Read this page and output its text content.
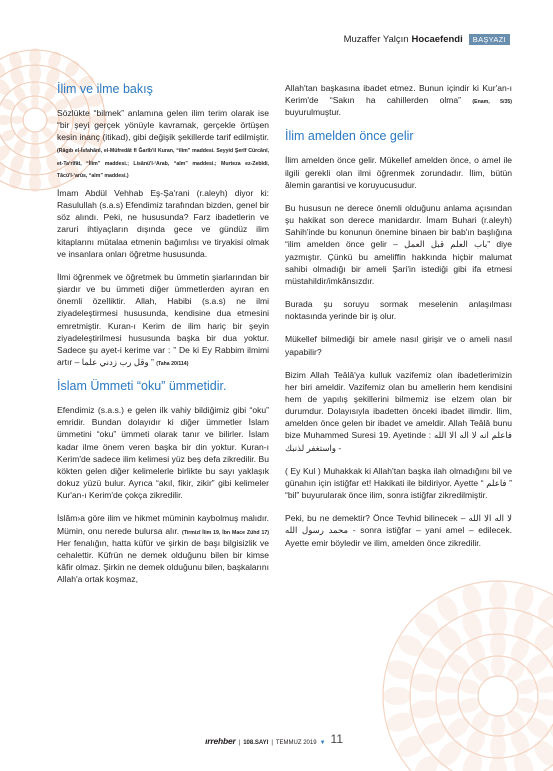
Muzaffer Yalçın Hocaefendi	BAŞYAZI
İlim ve ilme bakış

Sözlükte “bilmek” anlamına gelen ilim terim olarak ise “bir şeyi gerçek yönüyle kavramak, gerçekle örtüşen kesin inanç (itikad), gibi değişik şekillerde tarif edilmiştir. (Rāgıb el-İsfahânî, el-Müfredât fî Ğarîb'il Kuran, “ilim” maddesi. Seyyid Şerîf Cürcânî, et-Ta‘rîfât, “İlim” maddesi.; Lisânü'l-‘Arab, “alm” maddesi.; Murteza ez-Zebîdi, Tâcü'l-‘arûs, “alm” maddesi.)

İmam Abdül Vehhab Eş-Şa'rani (r.aleyh) diyor ki: Rasulullah (s.a.s) Efendimiz tarafından bizden, genel bir söz alındı. Peki, ne hususunda? Farz ibadetlerin ve zaruri ihtiyaçların dışında gece ve gündüz ilim kitaplarını mütalaa etmenin bağımlısı ve tiryakisi olmak ve insanlara onları öğretme hususunda.

İlmi öğrenmek ve öğretmek bu ümmetin şiarlarından bir şiardır ve bu ümmeti diğer ümmetlerden ayıran en önemli özelliktir. Allah, Habibi (s.a.s) ne ilmi ziyadeleştirmesi hususunda, kendisine dua etmesini emretmiştir. Kuran-ı Kerim de ilim hariç bir şeyin ziyadeleştirilmesi hususunda başka bir dua yoktur. Sadece şu ayet-i kerime var : ” De ki Ey Rabbim ilmimi artır – وقل رب زدني علما ” (Taha 20/114)

İslam Ümmeti “oku” ümmetidir.

Efendimiz (s.a.s.) e gelen ilk vahiy bildiğimiz gibi “oku” emridir. Bundan dolayıdır ki diğer ümmetler İslam ümmetini “oku” ümmeti olarak tanır ve bilirler. İslam kadar ilme önem veren başka bir din yoktur. Kuran-ı Kerim'de sadece ilim kelimesi yüz beş defa zikredilir. Bu kökten gelen diğer kelimelerle birlikte bu sayı yaklaşık dokuz yüzü bulur. Ayrıca “akıl, fikir, zikir” gibi kelimeler Kur'an-ı Kerim'de çokça zikredilir.

İslâm›a göre ilim ve hikmet müminin kaybolmuş malıdır. Mümin, onu nerede bulursa alır. (Tirmizî İlim 19, İbn Mace Zühd 17) Her fenalığın, hatta küfür ve şirkin de başı bilgisizlik ve cehalettir. Küfrün ne demek olduğunu bilen bir kimse kâfir olmaz. Şirkin ne demek olduğunu bilen, başkalarını Allah'a ortak koşmaz,

Allah'tan başkasına ibadet etmez. Bunun içindir ki Kur'an-ı Kerim'de “Sakın ha cahillerden olma” (Enam, 5/35) buyurulmuştur.

İlim amelden önce gelir

İlim amelden önce gelir. Mükellef amelden önce, o amel ile ilgili gerekli olan ilmi öğrenmek zorundadır. İlim, bütün âlemin garantisi ve koruyucusudur.

Bu hususun ne derece önemli olduğunu anlama açısından şu hakikat son derece manidardır. İmam Buhari (r.aleyh) Sahih'inde bu konunun önemine binaen bir bab'ın başlığına “ilim amelden önce gelir – باب العلم قبل العمل” diye yazmıştır. Çünkü bu ameliffin hakkında hiçbir malumat sahibi olmadığı bir ameli Şari'in istediği gibi ifa etmesi müstahildir/imkânsızdır.

Burada şu soruyu sormak meselenin anlaşılması noktasında yerinde bir iş olur.

Mükellef bilmediği bir amele nasıl girişir ve o ameli nasıl yapabilir?

Bizim Allah Teâlâ'ya kulluk vazifemiz olan ibadetlerimizin her biri ameldir. Vazifemiz olan bu amellerin hem kendisini hem de yapılış şekillerini bilmemiz ise elzem olan bir durumdur. Dolayısıyla ibadetten önceki ibadet ilimdir. İlim, amelden önce gelen bir ibadet ve ameldir. Allah Teâlâ bunu bize Muhammed Suresi 19. Ayetinde : فاعلم انه لا اله الا الله واستغفر لذنبك -

( Ey Kul ) Muhakkak ki Allah'tan başka ilah olmadığını bil ve günahın için istiğfar et! Hakikati ile bildiriyor. Ayette “ فاعلم ” “bil” buyurularak önce ilim, sonra istiğfar zikredilmiştir.

Peki, bu ne demektir? Önce Tevhid bilinecek – لا اله الا الله محمد رسول الله - sonra istiğfar – yani amel – edilecek. Ayette emir böyledir ve ilim, amelden önce zikredilir.

ırrehber | 108.SAYI | TEMMUZ 2019 ▼ 11
